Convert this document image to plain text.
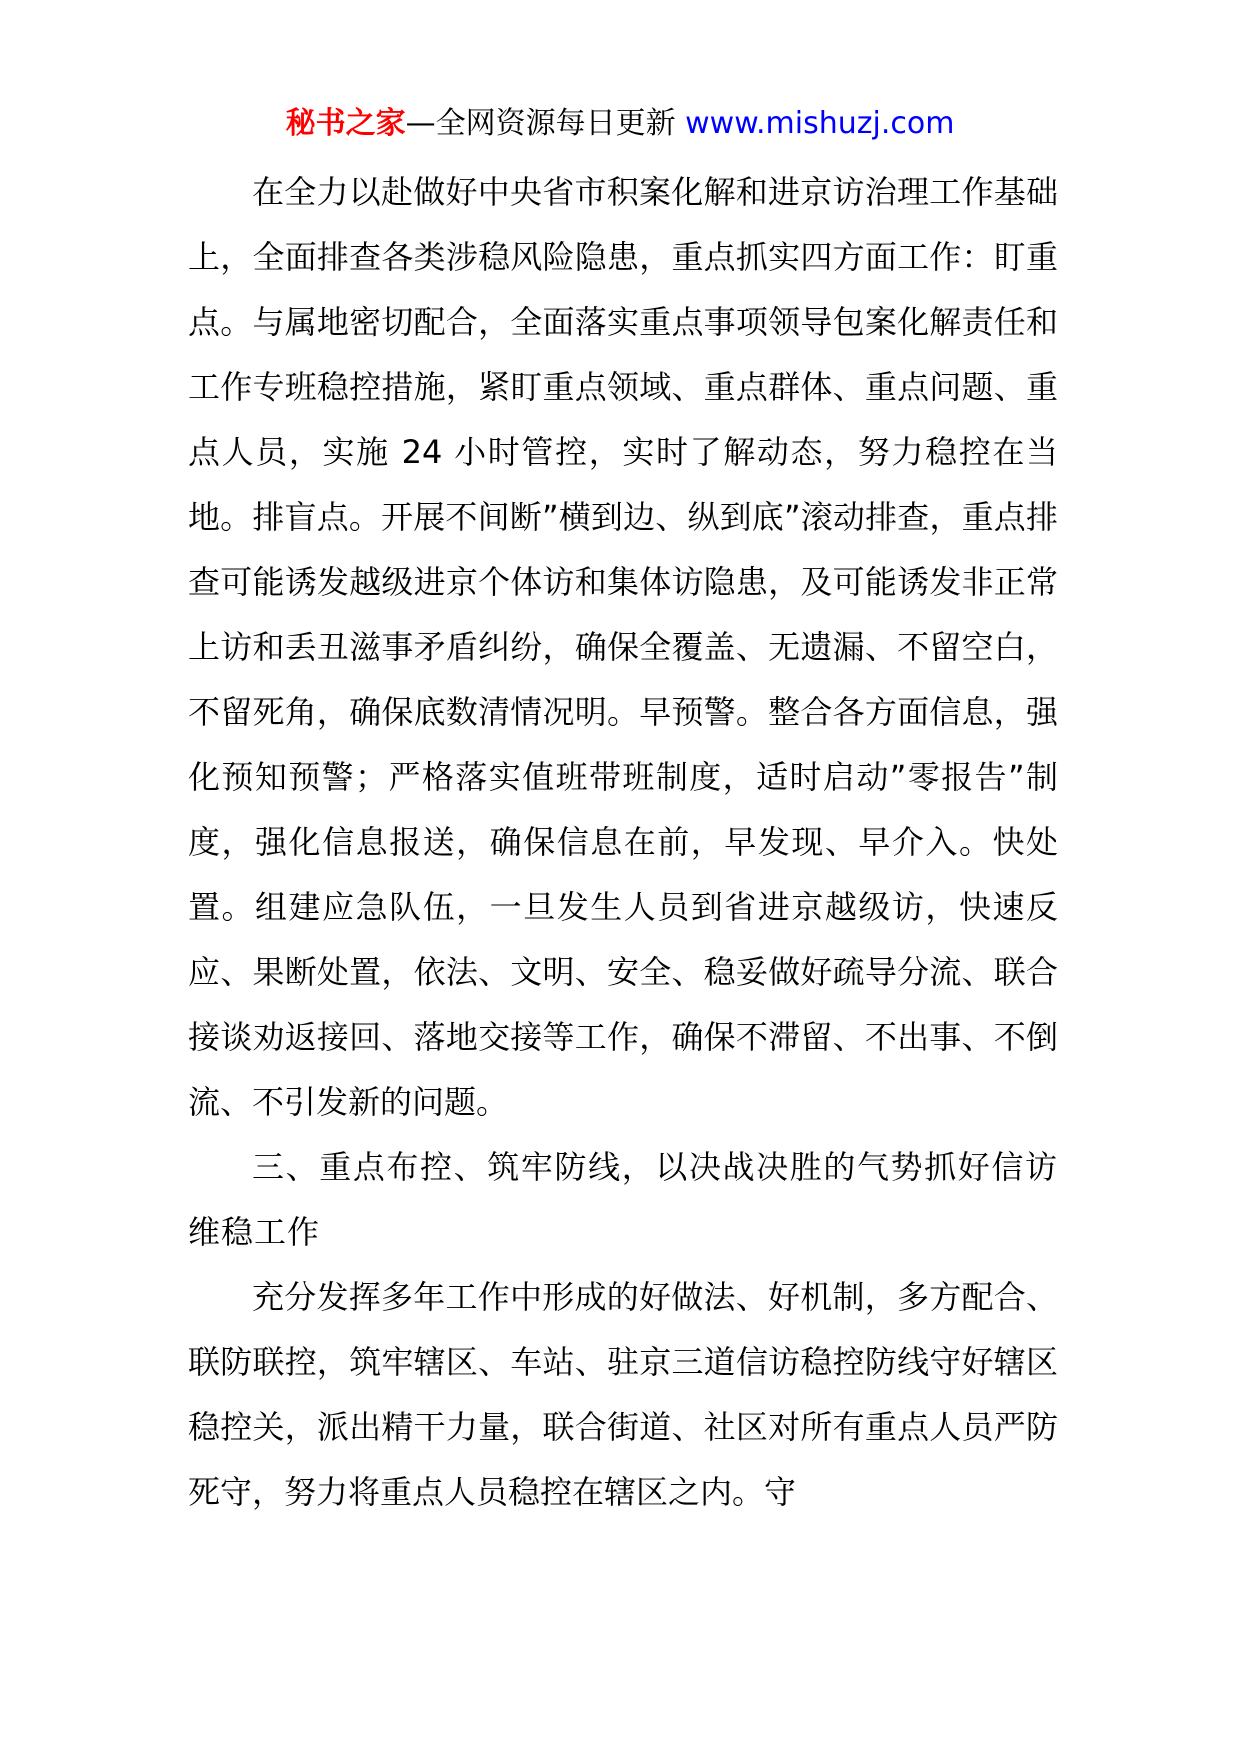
秘书之家—全网资源每日更新 www.mishuzj.com

在全力以赴做好中央省市积案化解和进京访治理工作基础上，全面排查各类涉稳风险隐患，重点抓实四方面工作：盯重点。与属地密切配合，全面落实重点事项领导包案化解责任和工作专班稳控措施，紧盯重点领域、重点群体、重点问题、重点人员，实施 24 小时管控，实时了解动态，努力稳控在当地。排盲点。开展不间断”横到边、纵到底”滚动排查，重点排查可能诱发越级进京个体访和集体访隐患，及可能诱发非正常上访和丢丑滋事矛盾纠纷，确保全覆盖、无遗漏、不留空白，不留死角，确保底数清情况明。早预警。整合各方面信息，强化预知预警；严格落实值班带班制度，适时启动”零报告”制度，强化信息报送，确保信息在前，早发现、早介入。快处置。组建应急队伍，一旦发生人员到省进京越级访，快速反应、果断处置，依法、文明、安全、稳妥做好疏导分流、联合接谈劝返接回、落地交接等工作，确保不滞留、不出事、不倒流、不引发新的问题。

三、重点布控、筑牢防线，以决战决胜的气势抓好信访维稳工作

充分发挥多年工作中形成的好做法、好机制，多方配合、联防联控，筑牢辖区、车站、驻京三道信访稳控防线守好辖区稳控关，派出精干力量，联合街道、社区对所有重点人员严防死守，努力将重点人员稳控在辖区之内。守
